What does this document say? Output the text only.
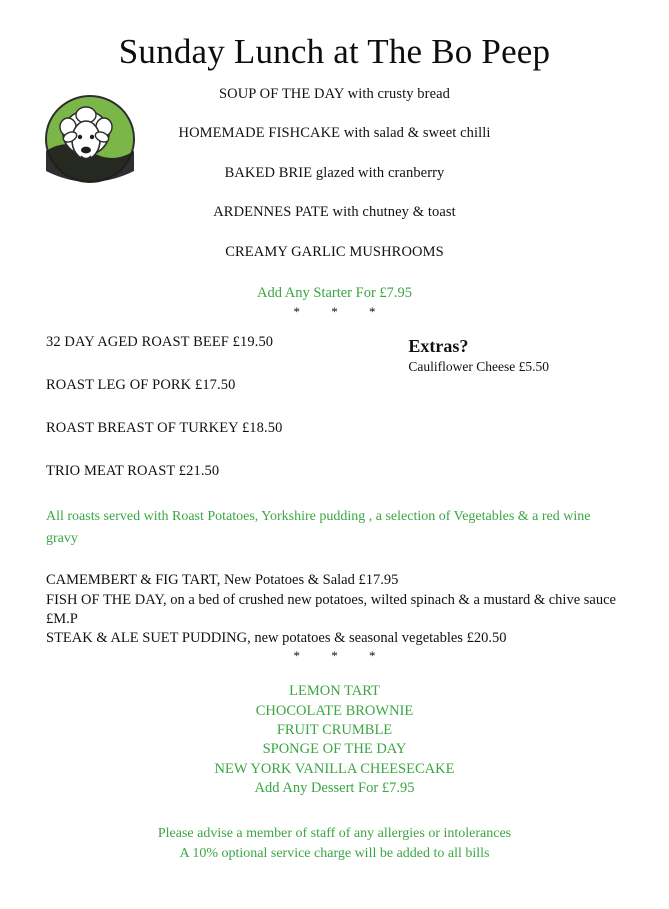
Sunday Lunch at The Bo Peep

SOUP OF THE DAY with crusty bread

HOMEMADE FISHCAKE with salad & sweet chilli

BAKED BRIE glazed with cranberry

ARDENNES PATE with chutney & toast

CREAMY GARLIC MUSHROOMS

Add Any Starter For £7.95

* * *

32 DAY AGED ROAST BEEF £19.50

ROAST LEG OF PORK £17.50

ROAST BREAST OF TURKEY £18.50

TRIO MEAT ROAST £21.50

Extras?

Cauliflower Cheese £5.50

All roasts served with Roast Potatoes, Yorkshire pudding , a selection of Vegetables & a red wine gravy
CAMEMBERT & FIG TART, New Potatoes & Salad £17.95
FISH OF THE DAY, on a bed of crushed new potatoes, wilted spinach & a mustard & chive sauce £M.P
STEAK & ALE SUET PUDDING, new potatoes & seasonal vegetables £20.50

* * *

LEMON TART
CHOCOLATE BROWNIE
FRUIT CRUMBLE
SPONGE OF THE DAY
NEW YORK VANILLA CHEESECAKE
Add Any Dessert For £7.95
Please advise a member of staff of any allergies or intolerances
A 10% optional service charge will be added to all bills
